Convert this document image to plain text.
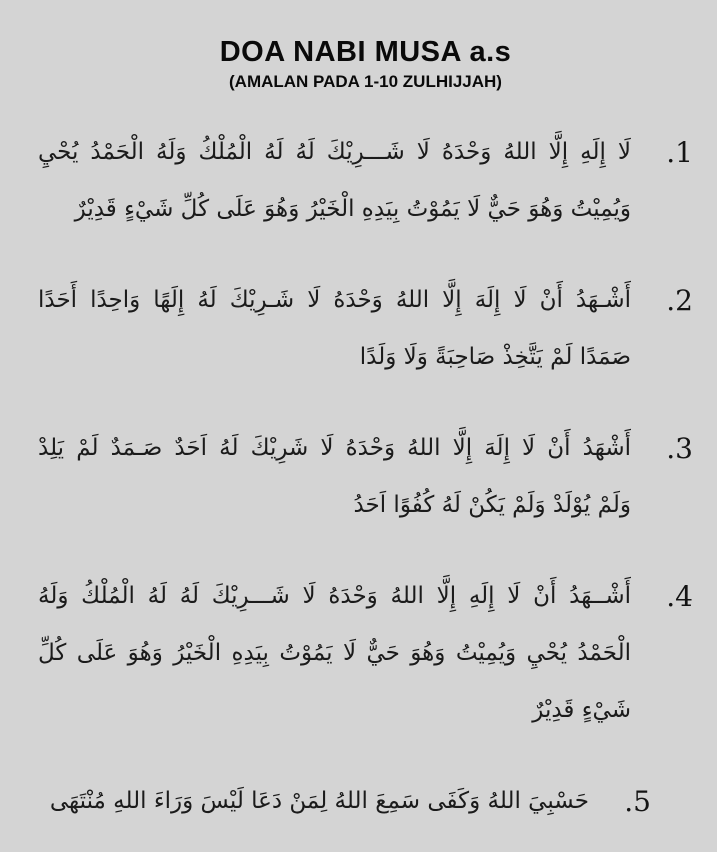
DOA NABI MUSA a.s
(AMALAN PADA 1-10 ZULHIJJAH)
1.
لَا إِلَهِ إِلَّا اللهُ وَحْدَهُ لَا شَـــرِيْكَ لَهُ لَهُ الْمُلْكُ وَلَهُ الْحَمْدُ يُحْيِ
وَيُمِيْتُ وَهُوَ حَيٌّ لَا يَمُوْتُ بِيَدِهِ الْخَيْرُ وَهُوَ عَلَى كُلِّ شَيْءٍ قَدِيْرٌ
2.
أَشْـهَدُ أَنْ لَا إِلَهَ إِلَّا اللهُ وَحْدَهُ لَا شَـرِيْكَ لَهُ إِلَهًا وَاحِدًا أَحَدًا
صَمَدًا لَمْ يَتَّخِذْ صَاحِبَةً وَلَا وَلَدًا
3.
أَشْهَدُ أَنْ لَا إِلَهَ إِلَّا اللهُ وَحْدَهُ لَا شَرِيْكَ لَهُ اَحَدٌ صَـمَدٌ لَمْ يَلِدْ
وَلَمْ يُوْلَدْ وَلَمْ يَكُنْ لَهُ كُفُوًا اَحَدُ
4.
أَشْــهَدُ أَنْ لَا إِلَهِ إِلَّا اللهُ وَحْدَهُ لَا شَـــرِيْكَ لَهُ لَهُ الْمُلْكُ وَلَهُ
الْحَمْدُ يُحْيِ وَيُمِيْتُ وَهُوَ حَيٌّ لَا يَمُوْتُ بِيَدِهِ الْخَيْرُ وَهُوَ عَلَى كُلِّ
شَيْءٍ قَدِيْرٌ
5.
حَسْبِيَ اللهُ وَكَفَى سَمِعَ اللهُ لِمَنْ دَعَا لَيْسَ وَرَاءَ اللهِ مُنْتَهَى
